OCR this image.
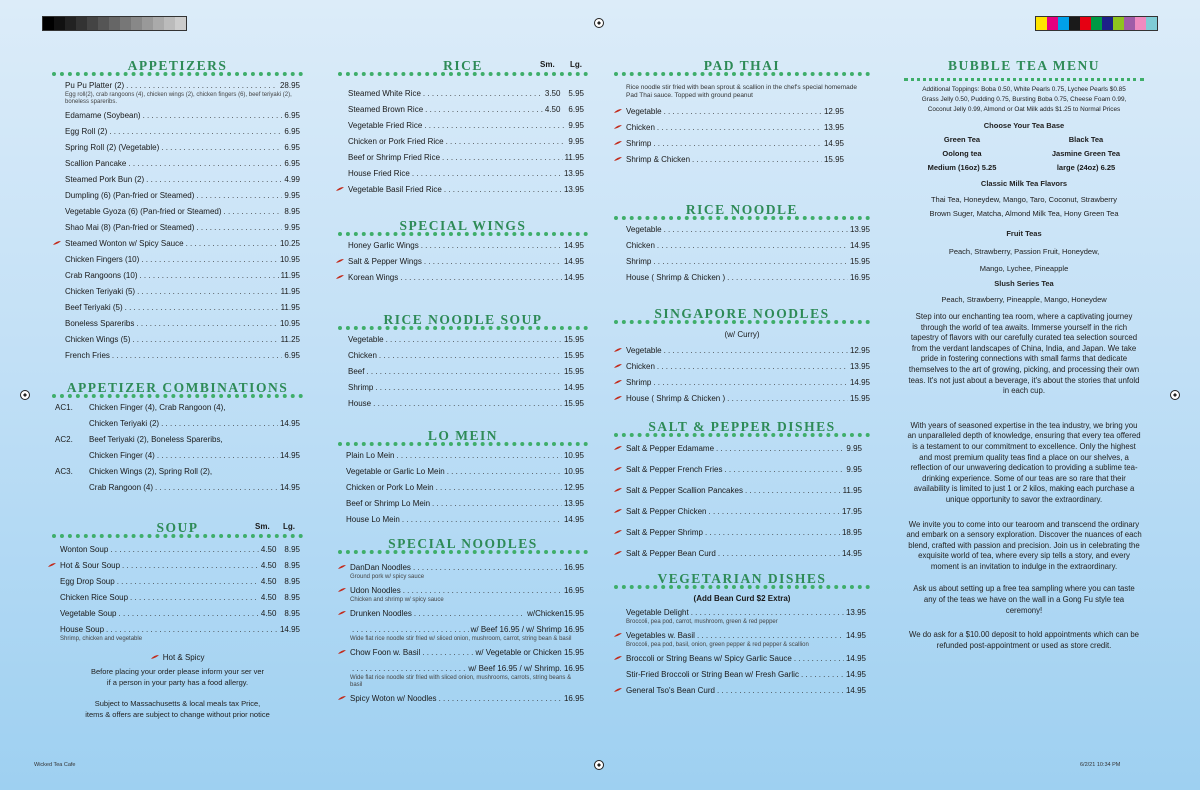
Wicked Tea Cafe	6/2/21 10:34 PM
APPETIZERS
Pu Pu Platter (2) . . .	28.95
Egg roll(2), crab rangoons (4), chicken wings (2), chicken fingers (6), beef teriyaki (2), boneless spareribs.
Edamame (Soybean) . . .	6.95
Egg Roll (2) . . .	6.95
Spring Roll (2) (Vegetable) . . .	6.95
Scallion Pancake . . .	6.95
Steamed Pork Bun (2) . . .	4.99
Dumpling (6) (Pan-fried or Steamed) . . .	9.95
Vegetable Gyoza (6) (Pan-fried or Steamed) . . .	8.95
Shao Mai (8) (Pan-fried or Steamed) . . .	9.95
Steamed Wonton w/ Spicy Sauce . . .	10.25
Chicken Fingers (10) . . .	10.95
Crab Rangoons (10) . . .	11.95
Chicken Teriyaki (5) . . .	11.95
Beef Teriyaki (5) . . .	11.95
Boneless Spareribs . . .	10.95
Chicken Wings (5) . . .	11.25
French Fries . . .	6.95
APPETIZER COMBINATIONS
AC1.	Chicken Finger (4), Crab Rangoon (4),
Chicken Teriyaki (2) . . .	14.95
AC2.	Beef Teriyaki (2), Boneless Spareribs,
Chicken Finger (4) . . .	14.95
AC3.	Chicken Wings (2), Spring Roll (2),
Crab Rangoon (4) . . .	14.95
SOUP	Sm. Lg.
Wonton Soup . . .	4.50 8.95
Hot & Sour Soup . . .	4.50 8.95
Egg Drop Soup . . .	4.50 8.95
Chicken Rice Soup . . .	4.50 8.95
Vegetable Soup . . .	4.50 8.95
House Soup . . .	14.95
Shrimp, chicken and vegetable
Hot & Spicy
Before placing your order please inform your ser ver
if a person in your party has a food allergy.
Subject to Massachusetts & local meals tax Price,
items & offers are subject to change without prior notice
RICE	Sm. Lg.
Steamed White Rice . . .	3.50 5.95
Steamed Brown Rice . . .	4.50 6.95
Vegetable Fried Rice . . .	9.95
Chicken or Pork Fried Rice . . .	9.95
Beef or Shrimp Fried Rice . . .	11.95
House Fried Rice . . .	13.95
Vegetable Basil Fried Rice . . .	13.95
SPECIAL WINGS
Honey Garlic Wings . . .	14.95
Salt & Pepper Wings . . .	14.95
Korean Wings . . .	14.95
RICE NOODLE SOUP
Vegetable . . .	15.95
Chicken . . .	15.95
Beef . . .	15.95
Shrimp . . .	14.95
House . . .	15.95
LO MEIN
Plain Lo Mein . . .	10.95
Vegetable or Garlic Lo Mein . . .	10.95
Chicken or Pork Lo Mein . . .	12.95
Beef or Shrimp Lo Mein . . .	13.95
House Lo Mein . . .	14.95
SPECIAL NOODLES
DanDan Noodles . . .	16.95
Ground pork w/ spicy sauce
Udon Noodles . . .	16.95
Chicken and shrimp w/ spicy sauce
Drunken Noodles . . .	w/Chicken15.95
. . .
w/ Beef 16.95 / w/ Shrimp 16.95
Wide flat rice noodle stir fried w/ sliced onion, mushroom, carrot, string bean & basil
Chow Foon w. Basil . . .	w/ Vegetable or Chicken 15.95
. . .
w/ Beef 16.95 / w/ Shrimp. 16.95
Wide flat rice noodle stir fried with sliced onion, mushrooms, carrots, string beans & basil
Spicy Woton w/ Noodles . . .	16.95
PAD THAI
Rice noodle stir fried with bean sprout & scallion in the chef's special homemade Pad Thai sauce. Topped with ground peanut
Vegetable . . .	12.95
Chicken . . .	13.95
Shrimp . . .	14.95
Shrimp & Chicken . . .	15.95
RICE NOODLE
Vegetable . . .	13.95
Chicken . . .	14.95
Shrimp . . .	15.95
House ( Shrimp & Chicken ) . . .	16.95
SINGAPORE NOODLES
(w/ Curry)
Vegetable . . .	12.95
Chicken . . .	13.95
Shrimp . . .	14.95
House ( Shrimp & Chicken ) . . .	15.95
SALT & PEPPER DISHES
Salt & Pepper Edamame . . .	9.95
Salt & Pepper French Fries . . .	9.95
Salt & Pepper Scallion Pancakes . . .	11.95
Salt & Pepper Chicken . . .	17.95
Salt & Pepper Shrimp . . .	18.95
Salt & Pepper Bean Curd . . .	14.95
VEGETARIAN DISHES
(Add Bean Curd $2 Extra)
Vegetable Delight . . .	13.95
Broccoli, pea pod, carrot, mushroom, green & red pepper
Vegetables w. Basil . . .	14.95
Broccoli, pea pod, basil, onion, green pepper & red pepper & scallion
Broccoli or String Beans w/ Spicy Garlic Sauce . . .	14.95
Stir-Fried Broccoli or String Bean w/ Fresh Garlic . . .	14.95
General Tso's Bean Curd . . .	14.95
BUBBLE TEA MENU
Additional Toppings: Boba 0.50, White Pearls 0.75, Lychee Pearls $0.85
Grass Jelly 0.50, Pudding 0.75, Bursting Boba 0.75, Cheese Foam 0.99,
Coconut Jelly 0.99, Almond or Oat Milk adds $1.25 to Normal Prices
Choose Your Tea Base
Green Tea	Black Tea
Oolong tea	Jasmine Green Tea
Medium (16oz) 5.25	large (24oz) 6.25
Classic Milk Tea Flavors
Thai Tea, Honeydew, Mango, Taro, Coconut, Strawberry
Brown Suger, Matcha, Almond Milk Tea, Hony Green Tea
Fruit Teas
Peach, Strawberry, Passion Fruit, Honeydew,
Mango, Lychee, Pineapple
Slush Series Tea
Peach, Strawberry, Pineapple, Mango, Honeydew
Step into our enchanting tea room, where a captivating journey through the world of tea awaits. Immerse yourself in the rich tapestry of flavors with our carefully curated tea selection sourced from the verdant landscapes of China, India, and Japan. We take pride in fostering connections with small farms that dedicate themselves to the art of growing, picking, and processing their own teas. It's not just about a beverage, it's about the stories that unfold in each cup.
With years of seasoned expertise in the tea industry, we bring you an unparalleled depth of knowledge, ensuring that every tea offered is a testament to our commitment to excellence. Only the highest and most premium quality teas find a place on our shelves, a reflection of our unwavering dedication to providing a sublime tea-drinking experience. Some of our teas are so rare that their availability is limited to just 1 or 2 kilos, making each purchase a unique opportunity to savor the extraordinary.
We invite you to come into our tearoom and transcend the ordinary and embark on a sensory exploration. Discover the nuances of each blend, crafted with passion and precision. Join us in celebrating the exquisite world of tea, where every sip tells a story, and every moment is an invitation to indulge in the extraordinary.
Ask us about setting up a free tea sampling where you can taste any of the teas we have on the wall in a Gong Fu style tea ceremony!
We do ask for a $10.00 deposit to hold appointments which can be refunded post-appointment or used as store credit.
